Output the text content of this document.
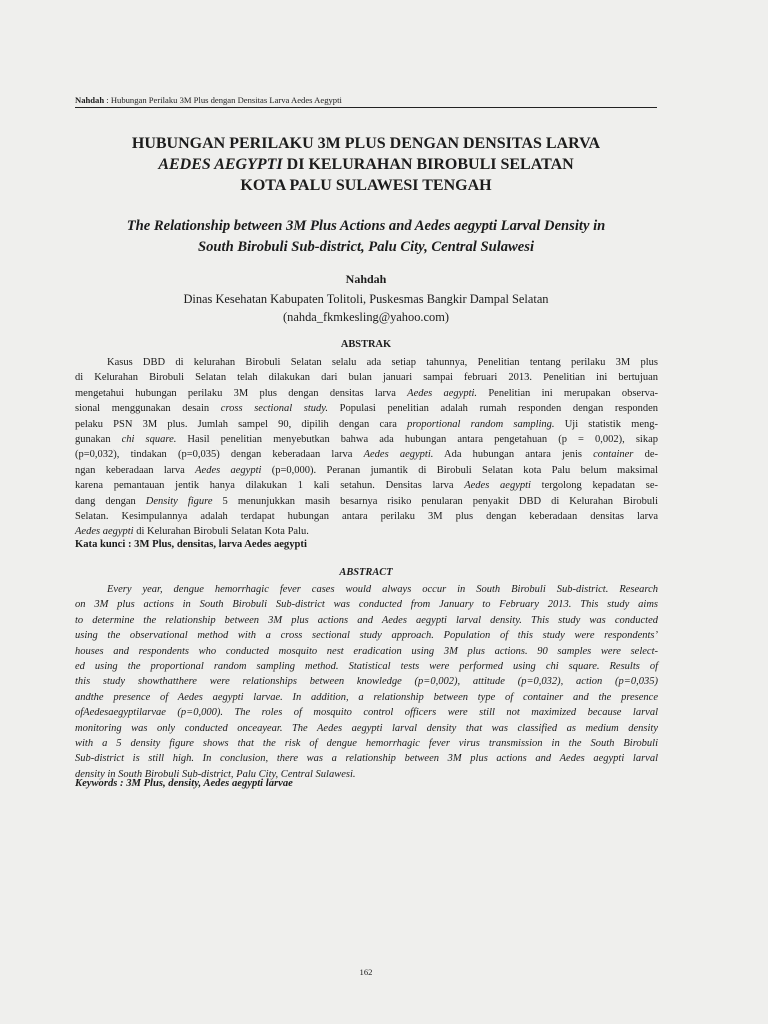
Nahdah : Hubungan Perilaku 3M Plus dengan Densitas Larva Aedes Aegypti
HUBUNGAN PERILAKU 3M PLUS DENGAN DENSITAS LARVA
AEDES AEGYPTI DI KELURAHAN BIROBULI SELATAN
KOTA PALU SULAWESI TENGAH
The Relationship between 3M Plus Actions and Aedes aegypti Larval Density in
South Birobuli Sub-district, Palu City, Central Sulawesi
Nahdah
Dinas Kesehatan Kabupaten Tolitoli, Puskesmas Bangkir Dampal Selatan
(nahda_fkmkesling@yahoo.com)
ABSTRAK
Kasus DBD di kelurahan Birobuli Selatan selalu ada setiap tahunnya, Penelitian tentang perilaku 3M plus
di Kelurahan Birobuli Selatan telah dilakukan dari bulan januari sampai februari 2013. Penelitian ini bertujuan
mengetahui hubungan perilaku 3M plus dengan densitas larva Aedes aegypti. Penelitian ini merupakan observa-
sional menggunakan desain cross sectional study. Populasi penelitian adalah rumah responden dengan responden
pelaku PSN 3M plus. Jumlah sampel 90, dipilih dengan cara proportional random sampling. Uji statistik meng-
gunakan chi square. Hasil penelitian menyebutkan bahwa ada hubungan antara pengetahuan (p = 0,002), sikap
(p=0,032), tindakan (p=0,035) dengan keberadaan larva Aedes aegypti. Ada hubungan antara jenis container de-
ngan keberadaan larva Aedes aegypti (p=0,000). Peranan jumantik di Birobuli Selatan kota Palu belum maksimal
karena pemantauan jentik hanya dilakukan 1 kali setahun. Densitas larva Aedes aegypti tergolong kepadatan se-
dang dengan Density figure 5 menunjukkan masih besarnya risiko penularan penyakit DBD di Kelurahan Birobuli
Selatan. Kesimpulannya adalah terdapat hubungan antara perilaku 3M plus dengan keberadaan densitas larva
Aedes aegypti di Kelurahan Birobuli Selatan Kota Palu.
Kata kunci : 3M Plus, densitas, larva Aedes aegypti
ABSTRACT
Every year, dengue hemorrhagic fever cases would always occur in South Birobuli Sub-district. Research
on 3M plus actions in South Birobuli Sub-district was conducted from January to February 2013. This study aims
to determine the relationship between 3M plus actions and Aedes aegypti larval density. This study was conducted
using the observational method with a cross sectional study approach. Population of this study were respondents’
houses and respondents who conducted mosquito nest eradication using 3M plus actions. 90 samples were select-
ed using the proportional random sampling method. Statistical tests were performed using chi square. Results of
this study showthatthere were relationships between knowledge (p=0,002), attitude (p=0,032), action (p=0,035)
andthe presence of Aedes aegypti larvae. In addition, a relationship between type of container and the presence
ofAedesaegyptilarvae (p=0,000). The roles of mosquito control officers were still not maximized because larval
monitoring was only conducted onceayear. The Aedes aegypti larval density that was classified as medium density
with a 5 density figure shows that the risk of dengue hemorrhagic fever virus transmission in the South Birobuli
Sub-district is still high. In conclusion, there was a relationship between 3M plus actions and Aedes aegypti larval
density in South Birobuli Sub-district, Palu City, Central Sulawesi.
Keywords : 3M Plus, density, Aedes aegypti larvae
162
